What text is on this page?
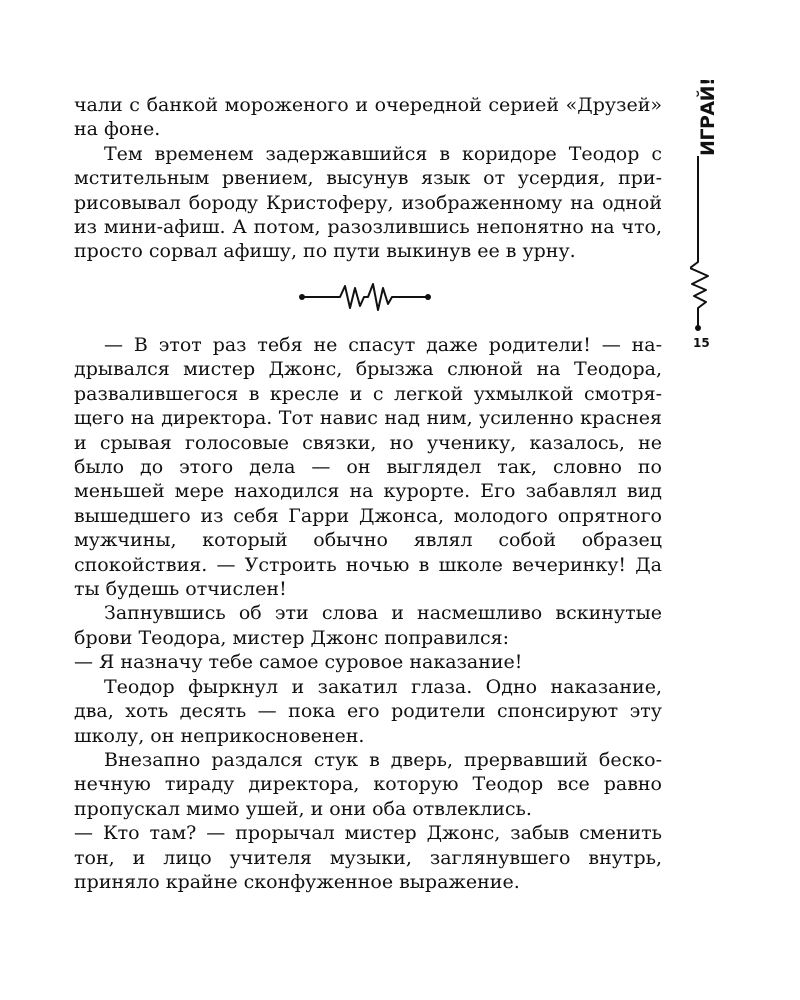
чали с банкой мороженого и очередной серией «Друзей» на фоне.

Тем временем задержавшийся в коридоре Теодор с мстительным рвением, высунув язык от усердия, пририсовывал бороду Кристоферу, изображенному на одной из мини-афиш. А потом, разозлившись непонятно на что, просто сорвал афишу, по пути выкинув ее в урну.

— В этот раз тебя не спасут даже родители! — надрывался мистер Джонс, брызжа слюной на Теодора, развалившегося в кресле и с легкой ухмылкой смотрящего на директора. Тот навис над ним, усиленно краснея и срывая голосовые связки, но ученику, казалось, не было до этого дела — он выглядел так, словно по меньшей мере находился на курорте. Его забавлял вид вышедшего из себя Гарри Джонса, молодого опрятного мужчины, который обычно являл собой образец спокойствия. — Устроить ночью в школе вечеринку! Да ты будешь отчислен!

Запнувшись об эти слова и насмешливо вскинутые брови Теодора, мистер Джонс поправился:

— Я назначу тебе самое суровое наказание!

Теодор фыркнул и закатил глаза. Одно наказание, два, хоть десять — пока его родители спонсируют эту школу, он неприкосновенен.

Внезапно раздался стук в дверь, прервавший бесконечную тираду директора, которую Теодор все равно пропускал мимо ушей, и они оба отвлеклись.

— Кто там? — прорычал мистер Джонс, забыв сменить тон, и лицо учителя музыки, заглянувшего внутрь, приняло крайне сконфуженное выражение.

ИГРАЙ!
15
